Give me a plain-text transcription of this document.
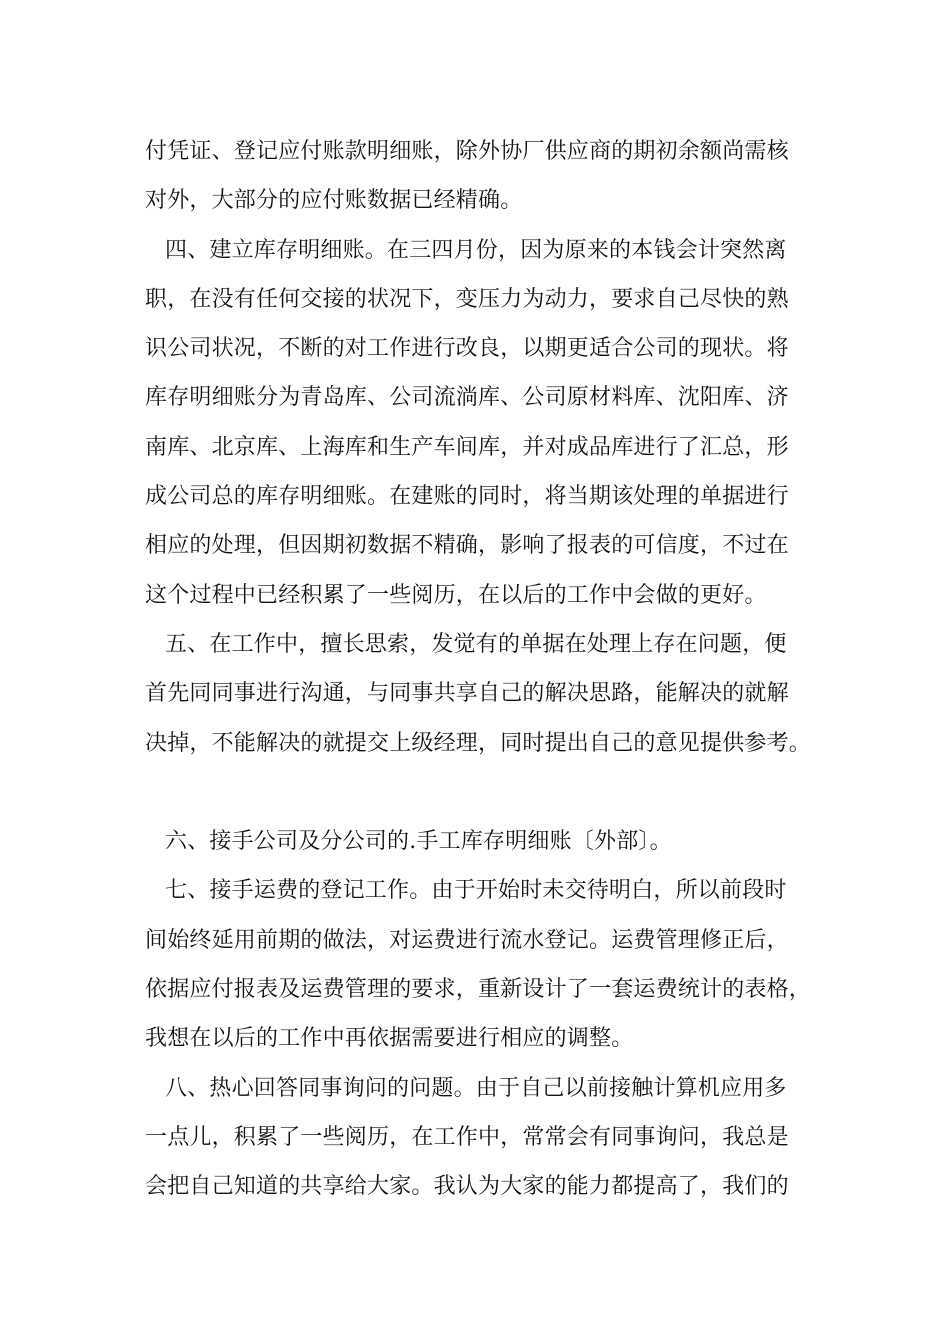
付凭证、登记应付账款明细账，除外协厂供应商的期初余额尚需核
对外，大部分的应付账数据已经精确。
四、建立库存明细账。在三四月份，因为原来的本钱会计突然离
职，在没有任何交接的状况下，变压力为动力，要求自己尽快的熟
识公司状况，不断的对工作进行改良，以期更适合公司的现状。将
库存明细账分为青岛库、公司流淌库、公司原材料库、沈阳库、济
南库、北京库、上海库和生产车间库，并对成品库进行了汇总，形
成公司总的库存明细账。在建账的同时，将当期该处理的单据进行
相应的处理，但因期初数据不精确，影响了报表的可信度，不过在
这个过程中已经积累了一些阅历，在以后的工作中会做的更好。
五、在工作中，擅长思索，发觉有的单据在处理上存在问题，便
首先同同事进行沟通，与同事共享自己的解决思路，能解决的就解
决掉，不能解决的就提交上级经理，同时提出自己的意见提供参考。
六、接手公司及分公司的.手工库存明细账〔外部〕。
七、接手运费的登记工作。由于开始时未交待明白，所以前段时
间始终延用前期的做法，对运费进行流水登记。运费管理修正后，
依据应付报表及运费管理的要求，重新设计了一套运费统计的表格，
我想在以后的工作中再依据需要进行相应的调整。
八、热心回答同事询问的问题。由于自己以前接触计算机应用多
一点儿，积累了一些阅历，在工作中，常常会有同事询问，我总是
会把自己知道的共享给大家。我认为大家的能力都提高了，我们的
